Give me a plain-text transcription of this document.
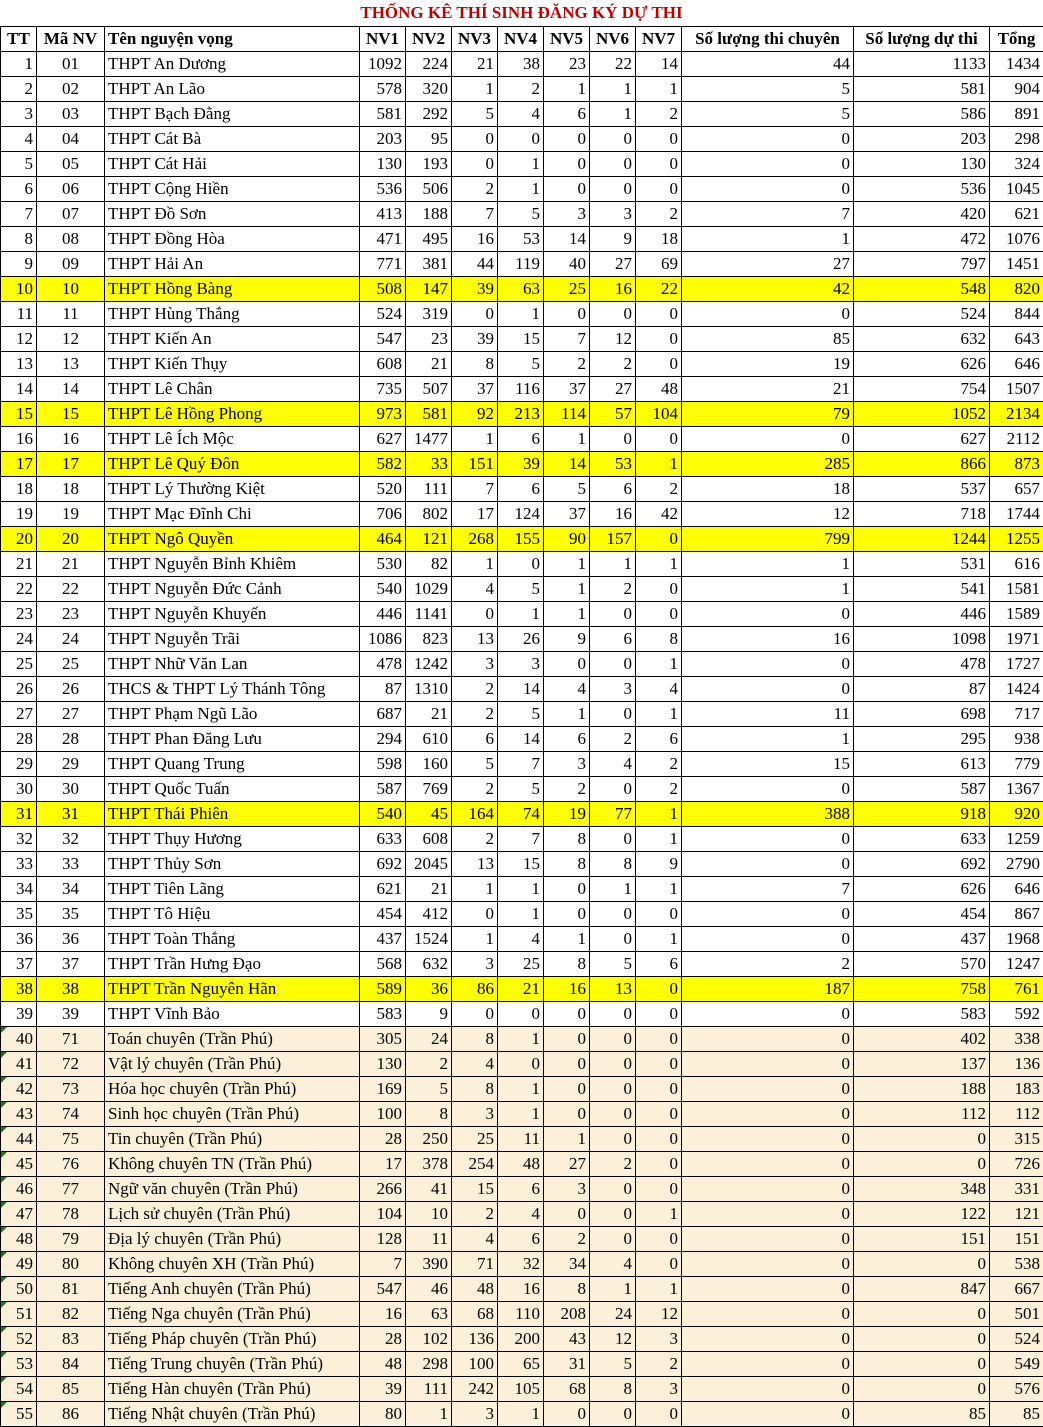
THỐNG KÊ THÍ SINH ĐĂNG KÝ DỰ THI
TT	Mã NV	Tên nguyện vọng	NV1	NV2	NV3	NV4	NV5	NV6	NV7	Số lượng thi chuyên	Số lượng dự thi	Tổng
1	01	THPT An Dương	1092	224	21	38	23	22	14	44	1133	1434
2	02	THPT An Lão	578	320	1	2	1	1	1	5	581	904
3	03	THPT Bạch Đằng	581	292	5	4	6	1	2	5	586	891
4	04	THPT Cát Bà	203	95	0	0	0	0	0	0	203	298
5	05	THPT Cát Hải	130	193	0	1	0	0	0	0	130	324
6	06	THPT Cộng Hiền	536	506	2	1	0	0	0	0	536	1045
7	07	THPT Đồ Sơn	413	188	7	5	3	3	2	7	420	621
8	08	THPT Đồng Hòa	471	495	16	53	14	9	18	1	472	1076
9	09	THPT Hải An	771	381	44	119	40	27	69	27	797	1451
10	10	THPT Hồng Bàng	508	147	39	63	25	16	22	42	548	820
11	11	THPT Hùng Thắng	524	319	0	1	0	0	0	0	524	844
12	12	THPT Kiến An	547	23	39	15	7	12	0	85	632	643
13	13	THPT Kiến Thụy	608	21	8	5	2	2	0	19	626	646
14	14	THPT Lê Chân	735	507	37	116	37	27	48	21	754	1507
15	15	THPT Lê Hồng Phong	973	581	92	213	114	57	104	79	1052	2134
16	16	THPT Lê Ích Mộc	627	1477	1	6	1	0	0	0	627	2112
17	17	THPT Lê Quý Đôn	582	33	151	39	14	53	1	285	866	873
18	18	THPT Lý Thường Kiệt	520	111	7	6	5	6	2	18	537	657
19	19	THPT Mạc Đĩnh Chi	706	802	17	124	37	16	42	12	718	1744
20	20	THPT Ngô Quyền	464	121	268	155	90	157	0	799	1244	1255
21	21	THPT Nguyễn Bỉnh Khiêm	530	82	1	0	1	1	1	1	531	616
22	22	THPT Nguyễn Đức Cảnh	540	1029	4	5	1	2	0	1	541	1581
23	23	THPT Nguyễn Khuyến	446	1141	0	1	1	0	0	0	446	1589
24	24	THPT Nguyễn Trãi	1086	823	13	26	9	6	8	16	1098	1971
25	25	THPT Nhữ Văn Lan	478	1242	3	3	0	0	1	0	478	1727
26	26	THCS & THPT Lý Thánh Tông	87	1310	2	14	4	3	4	0	87	1424
27	27	THPT Phạm Ngũ Lão	687	21	2	5	1	0	1	11	698	717
28	28	THPT Phan Đăng Lưu	294	610	6	14	6	2	6	1	295	938
29	29	THPT Quang Trung	598	160	5	7	3	4	2	15	613	779
30	30	THPT Quốc Tuấn	587	769	2	5	2	0	2	0	587	1367
31	31	THPT Thái Phiên	540	45	164	74	19	77	1	388	918	920
32	32	THPT Thụy Hương	633	608	2	7	8	0	1	0	633	1259
33	33	THPT Thủy Sơn	692	2045	13	15	8	8	9	0	692	2790
34	34	THPT Tiên Lãng	621	21	1	1	0	1	1	7	626	646
35	35	THPT Tô Hiệu	454	412	0	1	0	0	0	0	454	867
36	36	THPT Toàn Thắng	437	1524	1	4	1	0	1	0	437	1968
37	37	THPT Trần Hưng Đạo	568	632	3	25	8	5	6	2	570	1247
38	38	THPT Trần Nguyên Hãn	589	36	86	21	16	13	0	187	758	761
39	39	THPT Vĩnh Bảo	583	9	0	0	0	0	0	0	583	592
40	71	Toán chuyên (Trần Phú)	305	24	8	1	0	0	0	0	402	338
41	72	Vật lý chuyên (Trần Phú)	130	2	4	0	0	0	0	0	137	136
42	73	Hóa học chuyên (Trần Phú)	169	5	8	1	0	0	0	0	188	183
43	74	Sinh học chuyên (Trần Phú)	100	8	3	1	0	0	0	0	112	112
44	75	Tin chuyên (Trần Phú)	28	250	25	11	1	0	0	0	0	315
45	76	Không chuyên TN (Trần Phú)	17	378	254	48	27	2	0	0	0	726
46	77	Ngữ văn chuyên (Trần Phú)	266	41	15	6	3	0	0	0	348	331
47	78	Lịch sử chuyên (Trần Phú)	104	10	2	4	0	0	1	0	122	121
48	79	Địa lý chuyên (Trần Phú)	128	11	4	6	2	0	0	0	151	151
49	80	Không chuyên XH (Trần Phú)	7	390	71	32	34	4	0	0	0	538
50	81	Tiếng Anh chuyên (Trần Phú)	547	46	48	16	8	1	1	0	847	667
51	82	Tiếng Nga chuyên (Trần Phú)	16	63	68	110	208	24	12	0	0	501
52	83	Tiếng Pháp chuyên (Trần Phú)	28	102	136	200	43	12	3	0	0	524
53	84	Tiếng Trung chuyên (Trần Phú)	48	298	100	65	31	5	2	0	0	549
54	85	Tiếng Hàn chuyên (Trần Phú)	39	111	242	105	68	8	3	0	0	576
55	86	Tiếng Nhật chuyên (Trần Phú)	80	1	3	1	0	0	0	0	85	85
